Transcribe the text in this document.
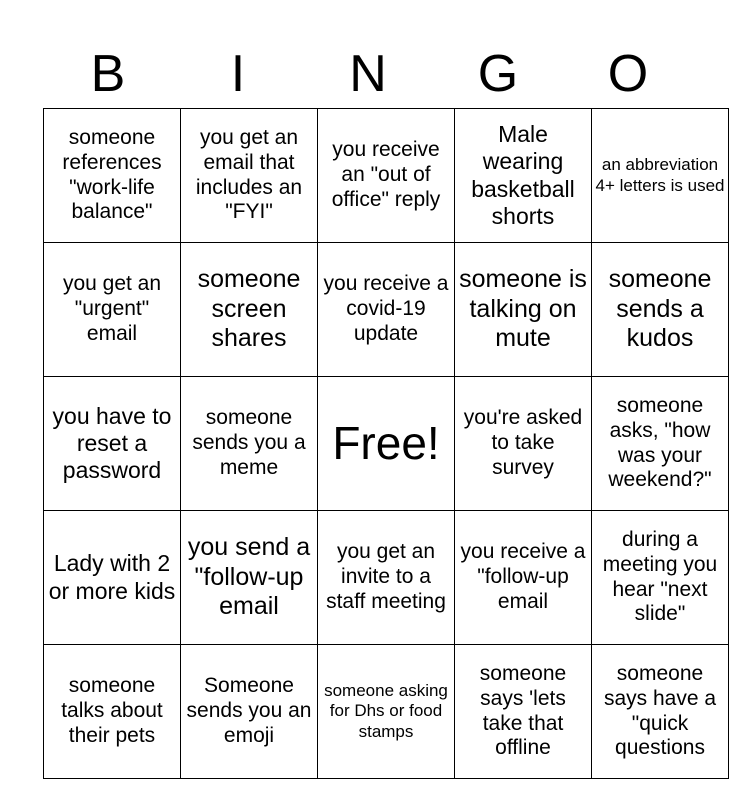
B	I	N	G	O
someone references "work-life balance"	you get an email that includes an "FYI"	you receive an "out of office" reply	Male wearing basketball shorts	an abbreviation 4+ letters is used
you get an "urgent" email	someone screen shares	you receive a covid-19 update	someone is talking on mute	someone sends a kudos
you have to reset a password	someone sends you a meme	Free!	you're asked to take survey	someone asks, "how was your weekend?"
Lady with 2 or more kids	you send a "follow-up email	you get an invite to a staff meeting	you receive a "follow-up email	during a meeting you hear "next slide"
someone talks about their pets	Someone sends you an emoji	someone asking for Dhs or food stamps	someone says 'lets take that offline	someone says have a "quick questions
